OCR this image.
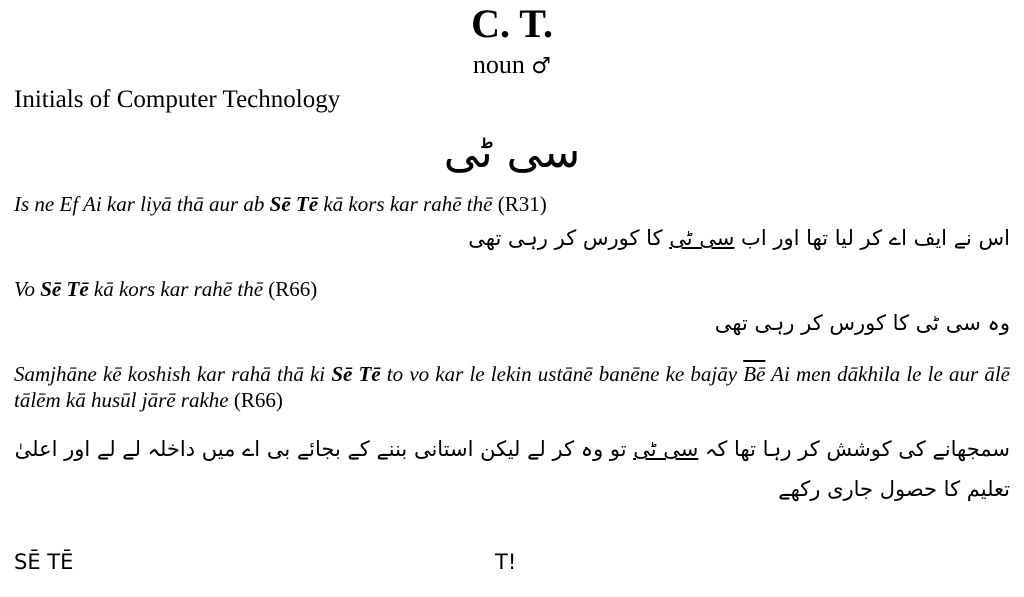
C. T.
noun ♂
Initials of Computer Technology
سی ٹی
Is ne Ef Ai kar liyā thā aur ab Sē Tē kā kors kar rahē thē (R31)
اس نے ایف اے کر لیا تھا اور اب سی ٹی کا کورس کر رہی تھی
Vo Sē Tē kā kors kar rahē thē (R66)
وہ سی ٹی کا کورس کر رہی تھی
Samjhāne kē koshish kar rahā thā ki Sē Tē to vo kar le lekin ustānē banēne ke bajāy $\overline{Bē}$ Ai men dākhila le le aur ālē tālēm kā husūl jārē rakhe (R66)
سمجھانے کی کوشش کر رہا تھا کہ سی ٹی تو وہ کر لے لیکن استانی بننے کے بجائے بی اے میں داخلہ لے لے اور اعلیٰ تعلیم کا حصول جاری رکھے
SĒ TĒ	T!
